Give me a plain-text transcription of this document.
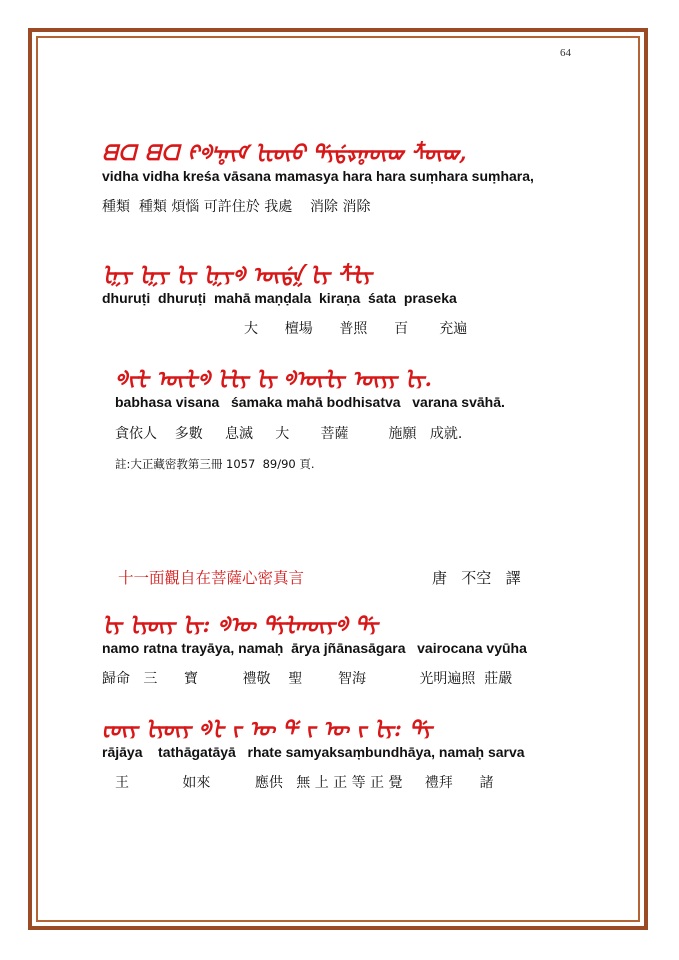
64
ᗺᗡ ᗺᗡ ᠻᢀᡃᡎᢈᡏ ᡶᡶᡡᡉ ᡩᡪᡩᢌᡎᡡᢍ ᡮᡡᢍ,
vidha vidha kreśa vāsana mamasya hara hara suṃhara suṃhara,
種類  種類 煩惱 可許住於 我處    消除 消除
ᡶᡣᡪ ᡶᡣᡪ ᡶᡪ ᡶᡣᡪᢀ ᡡᡩᡣ ᡶᡪ ᡮᡶᡪ
dhuruṭi  dhuruṭi  mahā maṇḍala  kiraṇa  śata  praseka
大      檀場      普照      百       充遍
ᢀᡪᡶ ᡡᡶᢀ ᡶᡶᡪ ᡶᡪ ᢀᡡᡶᡪ ᡡᡪᡪ ᡶᡪ.
babhasa visana   śamaka mahā bodhisatva   varana svāhā.
貪依人    多數     息滅     大       菩薩         施願   成就.
註:大正藏密教第三冊 1057  89/90 頁.
十一面觀自在菩薩心密真言	唐   不空   譯
ᡶᡪ ᡶᡪᡡᡪ ᡶᡪ: ᢀᡡ ᡩᡪᡶᡣᡡᡪᢀ ᡩᡪ
namo ratna trayāya, namaḥ  ārya jñānasāgara   vairocana vyūha
歸命   三      寶          禮敬    聖        智海            光明遍照  莊嚴
ᡶᡡᡪ ᡶᡪᡡᡪ ᢀᡶ ᡪ ᡡ ᡩ ᡪ ᡡ ᡪ ᡶᡪ: ᡩᡪ
rājāya    tathāgatāyā   rhate samyaksaṃbundhāya, namaḥ sarva
王            如來          應供   無 上 正 等 正 覺     禮拜      諸
